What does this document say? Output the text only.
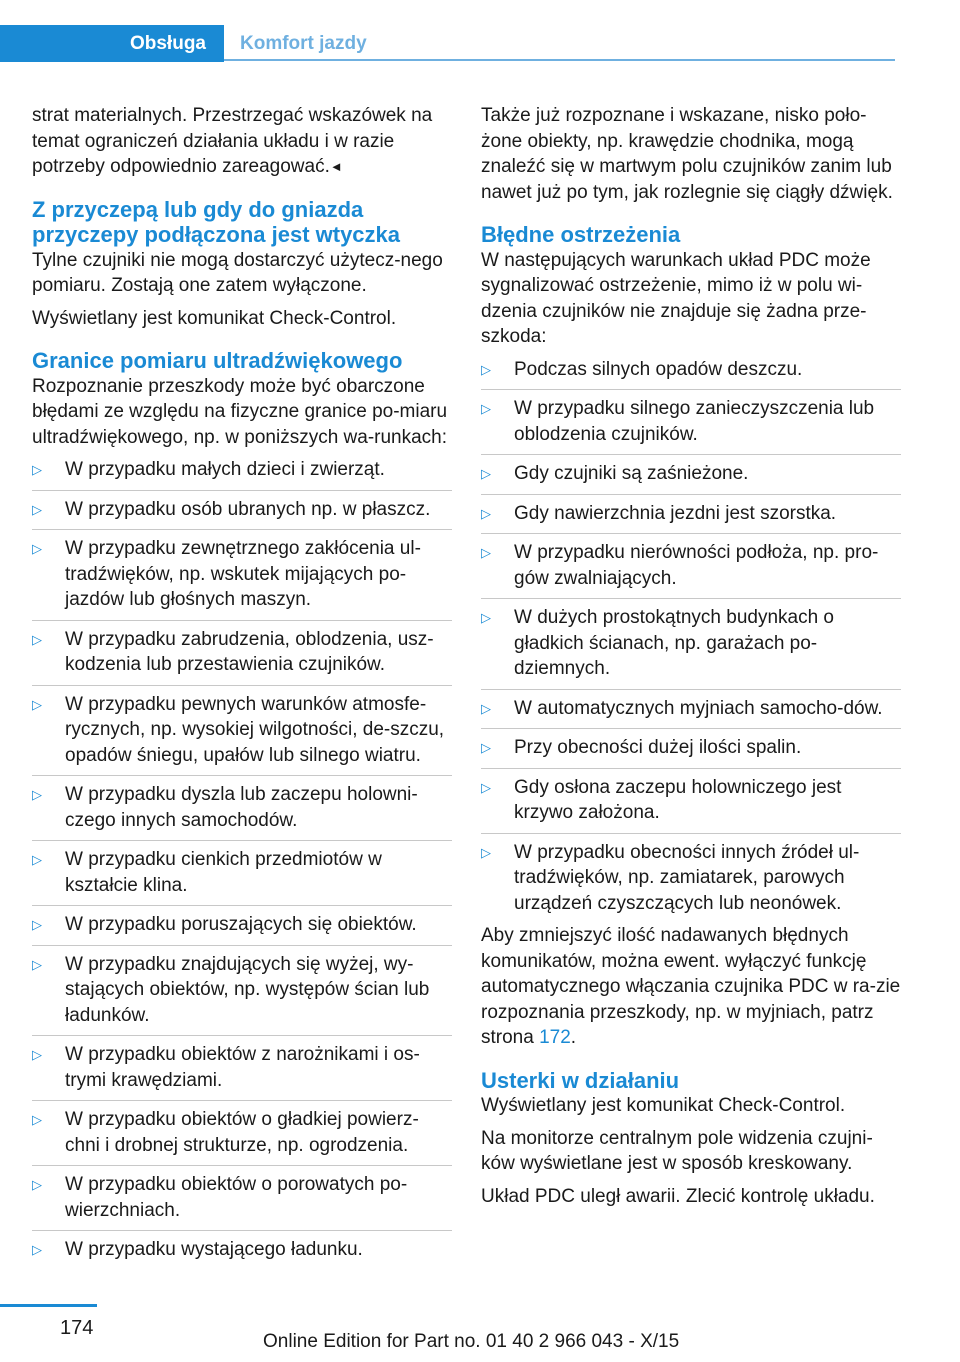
Obsługa	Komfort jazdy

strat materialnych. Przestrzegać wskazówek na temat ograniczeń działania układu i w razie potrzeby odpowiednio zareagować.◄

Z przyczepą lub gdy do gniazda przyczepy podłączona jest wtyczka

Tylne czujniki nie mogą dostarczyć użytecz‐nego pomiaru. Zostają one zatem wyłączone.

Wyświetlany jest komunikat Check-Control.

Granice pomiaru ultradźwiękowego

Rozpoznanie przeszkody może być obarczone błędami ze względu na fizyczne granice po‐miaru ultradźwiękowego, np. w poniższych wa‐runkach:

▷ W przypadku małych dzieci i zwierząt.
▷ W przypadku osób ubranych np. w płaszcz.
▷ W przypadku zewnętrznego zakłócenia ul‐tradźwięków, np. wskutek mijających po‐jazdów lub głośnych maszyn.
▷ W przypadku zabrudzenia, oblodzenia, usz‐kodzenia lub przestawienia czujników.
▷ W przypadku pewnych warunków atmosfe‐rycznych, np. wysokiej wilgotności, de‐szczu, opadów śniegu, upałów lub silnego wiatru.
▷ W przypadku dyszla lub zaczepu holowni‐czego innych samochodów.
▷ W przypadku cienkich przedmiotów w kształcie klina.
▷ W przypadku poruszających się obiektów.
▷ W przypadku znajdujących się wyżej, wy‐stających obiektów, np. występów ścian lub ładunków.
▷ W przypadku obiektów z narożnikami i os‐trymi krawędziami.
▷ W przypadku obiektów o gładkiej powierz‐chni i drobnej strukturze, np. ogrodzenia.
▷ W przypadku obiektów o porowatych po‐wierzchniach.
▷ W przypadku wystającego ładunku.

Także już rozpoznane i wskazane, nisko poło‐żone obiekty, np. krawędzie chodnika, mogą znaleźć się w martwym polu czujników zanim lub nawet już po tym, jak rozlegnie się ciągły dźwięk.

Błędne ostrzeżenia

W następujących warunkach układ PDC może sygnalizować ostrzeżenie, mimo iż w polu wi‐dzenia czujników nie znajduje się żadna prze‐szkoda:

▷ Podczas silnych opadów deszczu.
▷ W przypadku silnego zanieczyszczenia lub oblodzenia czujników.
▷ Gdy czujniki są zaśnieżone.
▷ Gdy nawierzchnia jezdni jest szorstka.
▷ W przypadku nierówności podłoża, np. pro‐gów zwalniających.
▷ W dużych prostokątnych budynkach o gładkich ścianach, np. garażach po‐dziemnych.
▷ W automatycznych myjniach samocho‐dów.
▷ Przy obecności dużej ilości spalin.
▷ Gdy osłona zaczepu holowniczego jest krzywo założona.
▷ W przypadku obecności innych źródeł ul‐tradźwięków, np. zamiatarek, parowych urządzeń czyszczących lub neonówek.

Aby zmniejszyć ilość nadawanych błędnych komunikatów, można ewent. wyłączyć funkcję automatycznego włączania czujnika PDC w ra‐zie rozpoznania przeszkody, np. w myjniach, patrz strona 172.

Usterki w działaniu

Wyświetlany jest komunikat Check-Control.

Na monitorze centralnym pole widzenia czujni‐ków wyświetlane jest w sposób kreskowany.

Układ PDC uległ awarii. Zlecić kontrolę układu.

174
Online Edition for Part no. 01 40 2 966 043 - X/15
